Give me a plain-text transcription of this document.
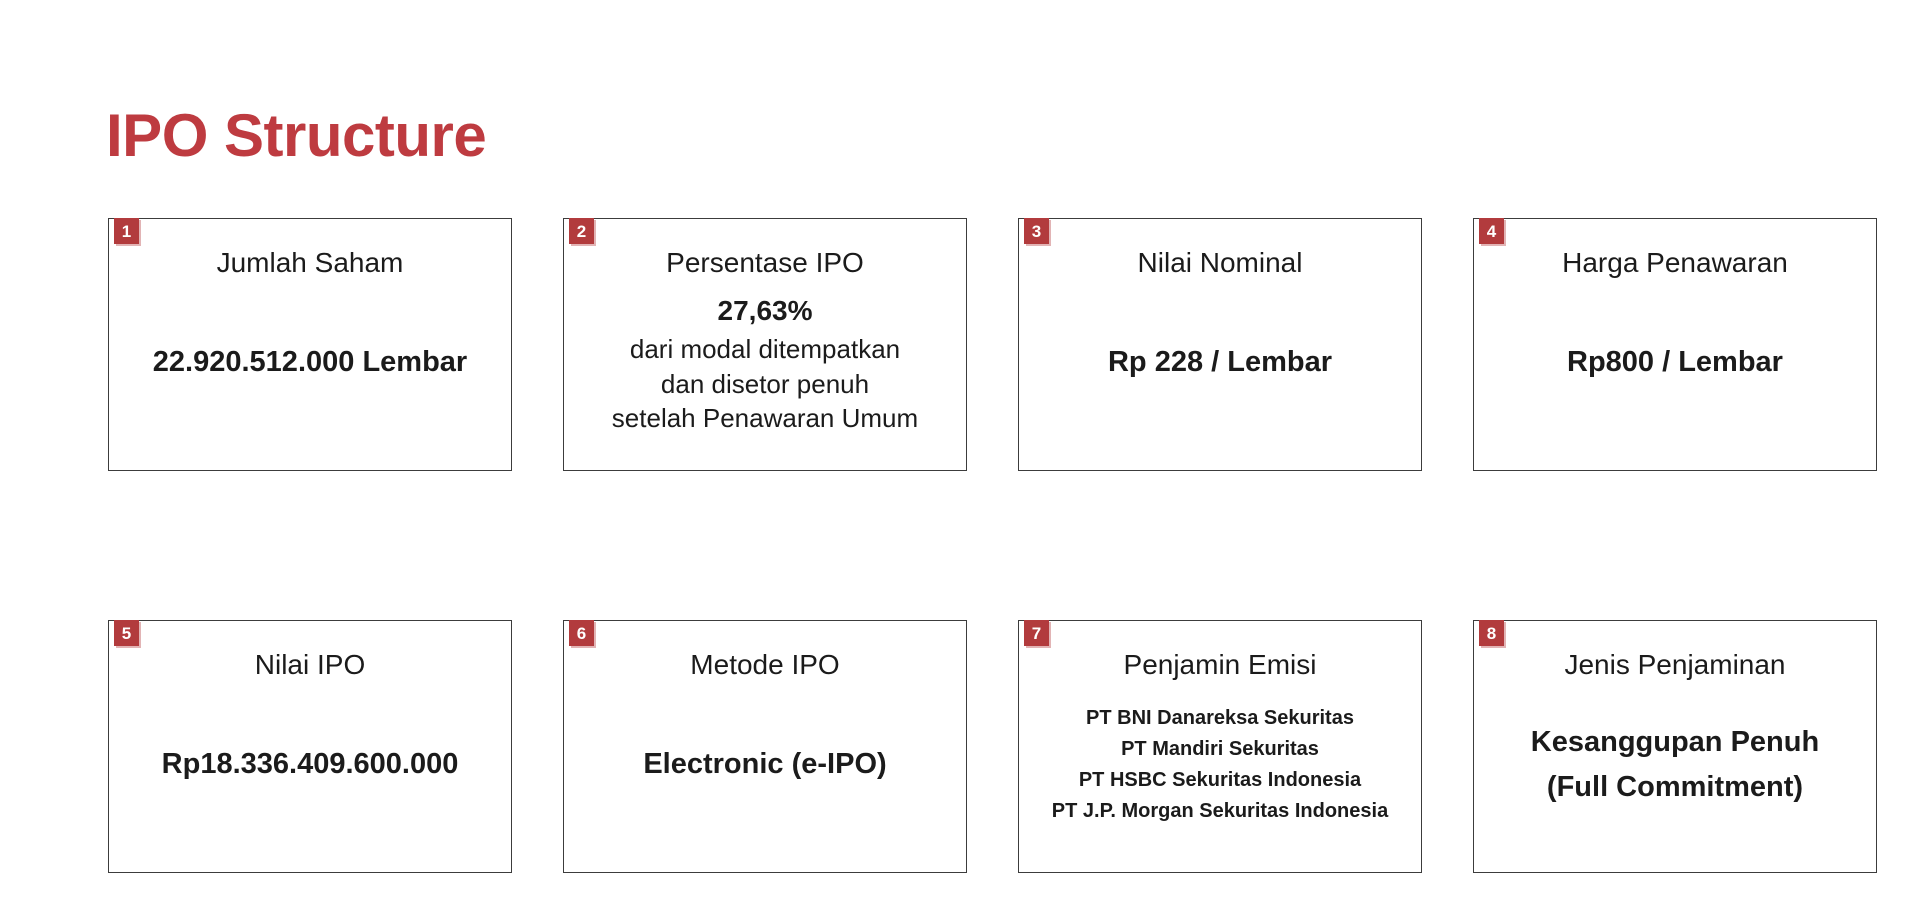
IPO Structure
1
Jumlah Saham
22.920.512.000 Lembar
2
Persentase IPO
27,63%
dari modal ditempatkan
dan disetor penuh
setelah Penawaran Umum
3
Nilai Nominal
Rp 228 / Lembar
4
Harga Penawaran
Rp800 / Lembar
5
Nilai IPO
Rp18.336.409.600.000
6
Metode IPO
Electronic (e-IPO)
7
Penjamin Emisi
PT BNI Danareksa Sekuritas
PT Mandiri Sekuritas
PT HSBC Sekuritas Indonesia
PT J.P. Morgan Sekuritas Indonesia
8
Jenis Penjaminan
Kesanggupan Penuh
(Full Commitment)
